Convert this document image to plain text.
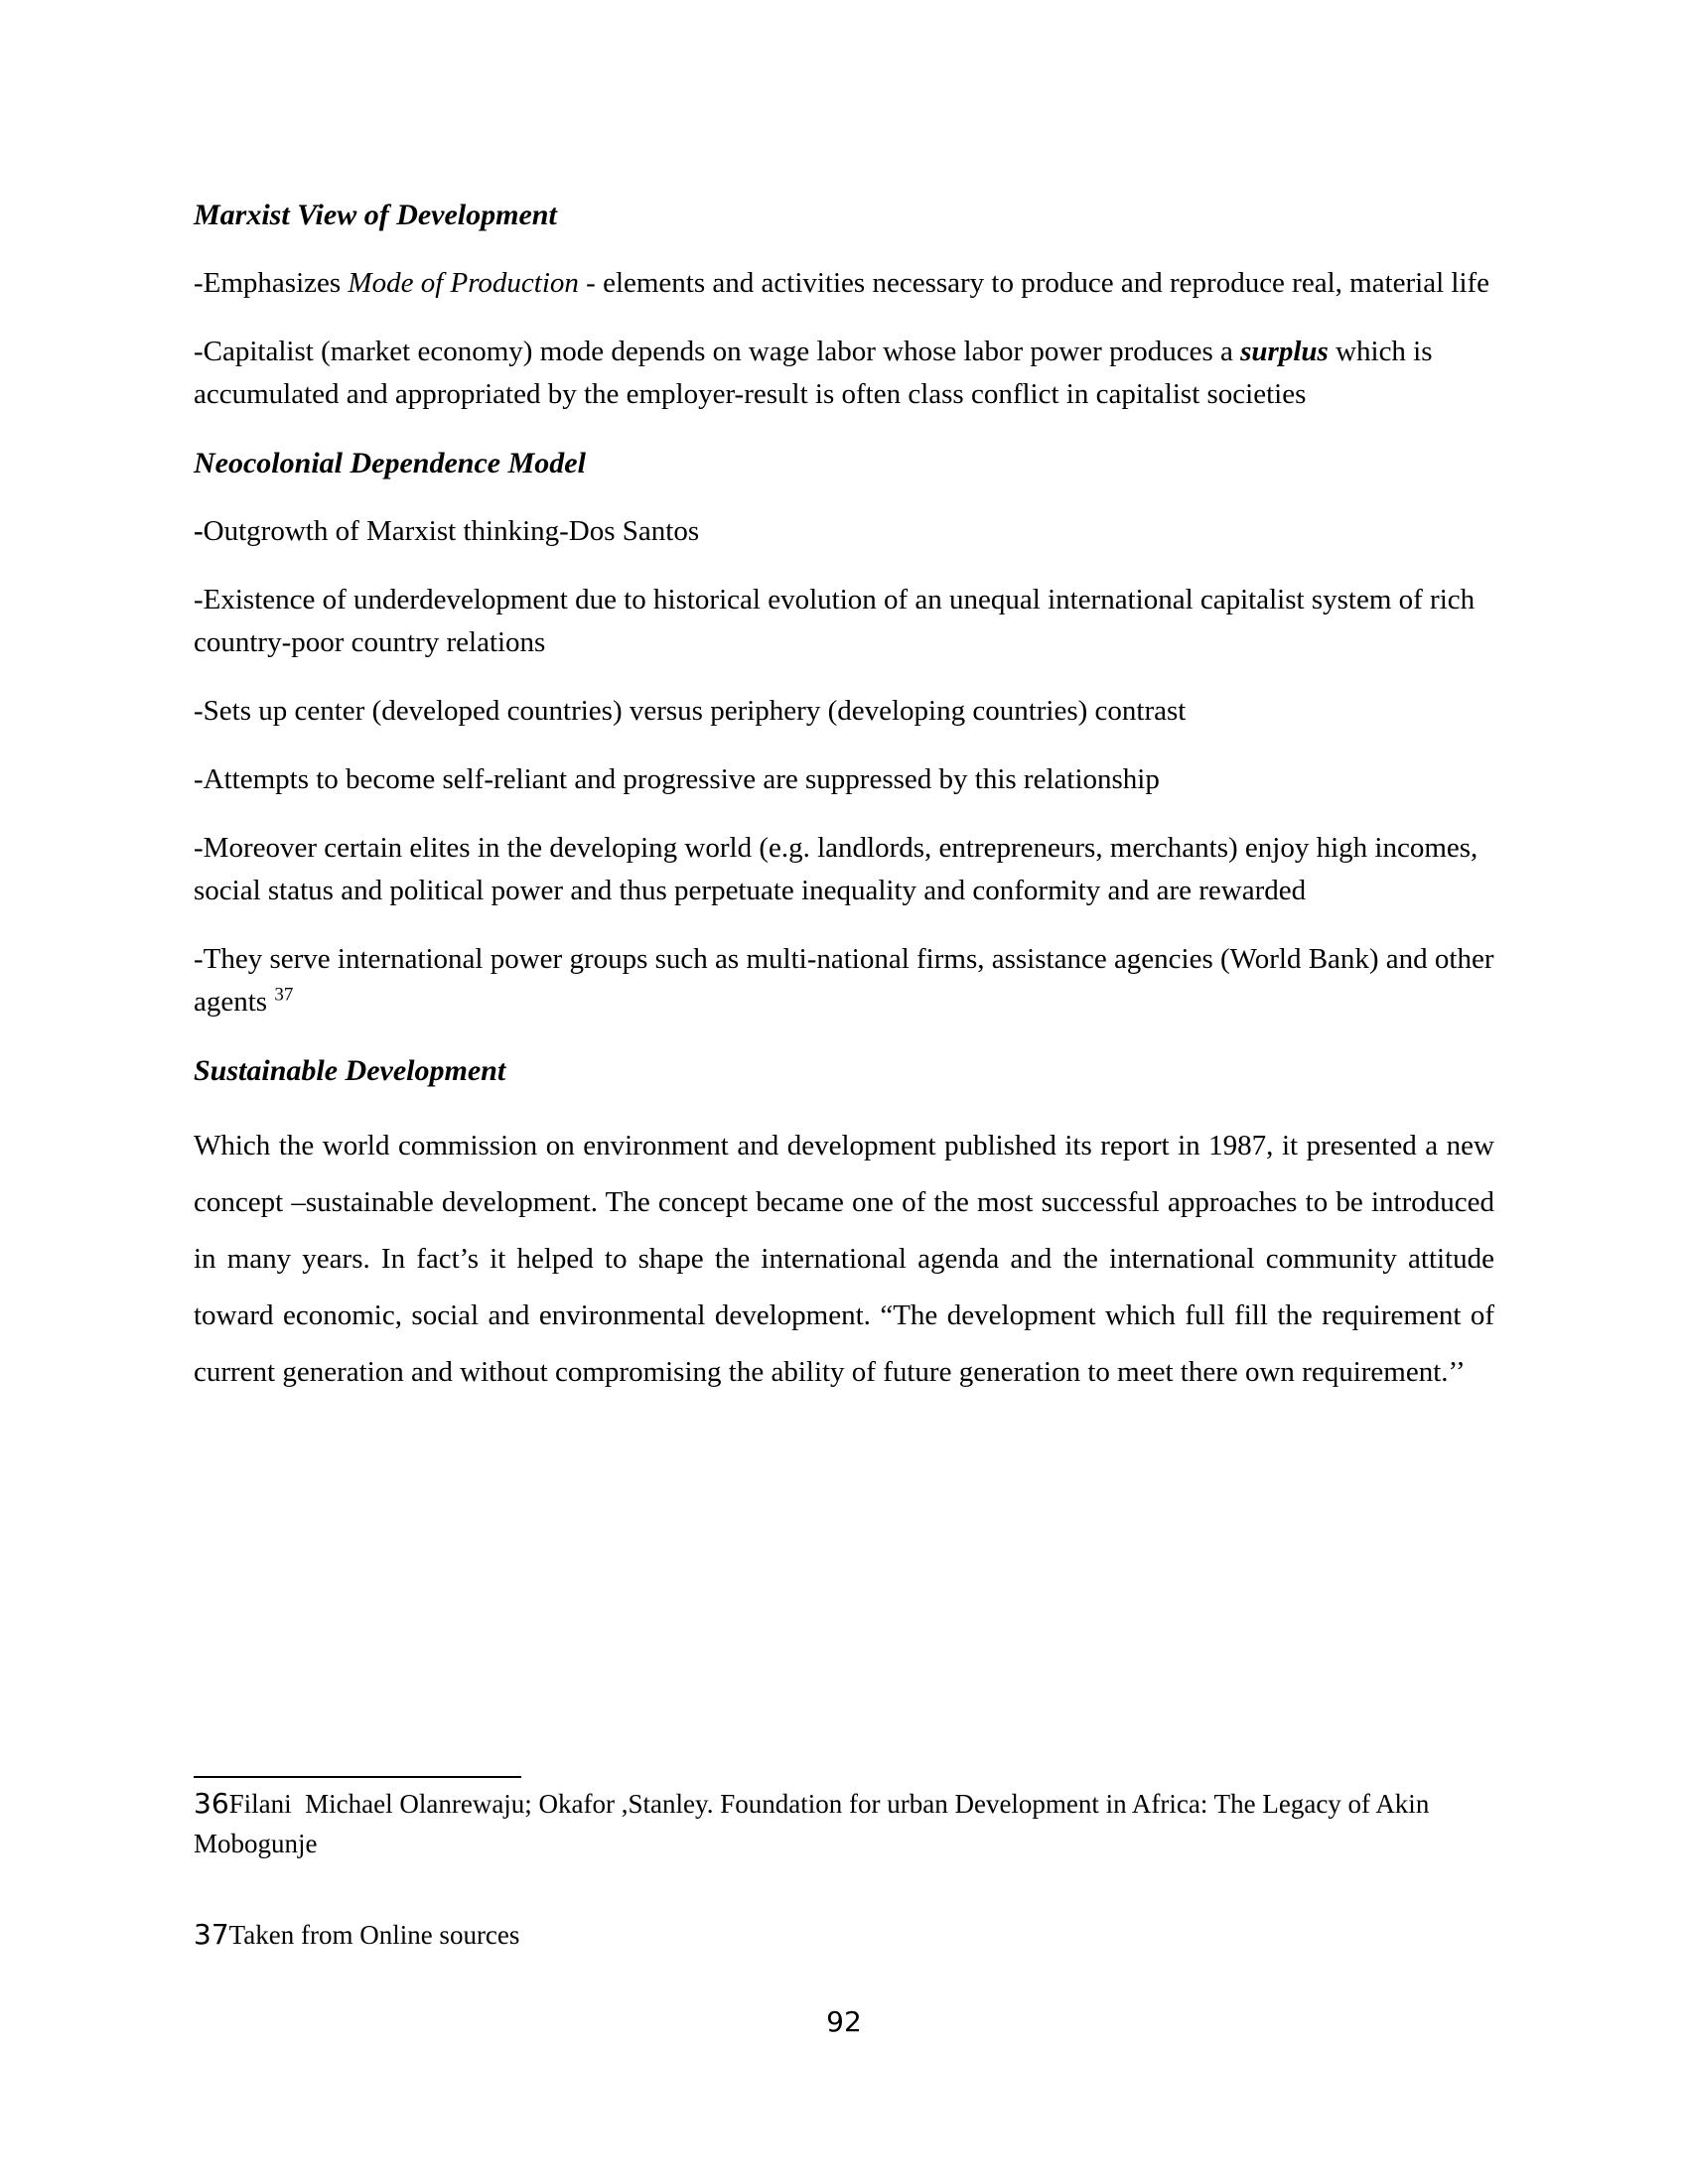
Marxist View of Development

-Emphasizes Mode of Production - elements and activities necessary to produce and reproduce real, material life

-Capitalist (market economy) mode depends on wage labor whose labor power produces a surplus which is accumulated and appropriated by the employer-result is often class conflict in capitalist societies

Neocolonial Dependence Model

-Outgrowth of Marxist thinking-Dos Santos

-Existence of underdevelopment due to historical evolution of an unequal international capitalist system of rich country-poor country relations

-Sets up center (developed countries) versus periphery (developing countries) contrast

-Attempts to become self-reliant and progressive are suppressed by this relationship

-Moreover certain elites in the developing world (e.g. landlords, entrepreneurs, merchants) enjoy high incomes, social status and political power and thus perpetuate inequality and conformity and are rewarded

-They serve international power groups such as multi-national firms, assistance agencies (World Bank) and other agents $^{37}$

Sustainable Development

Which the world commission on environment and development published its report in 1987, it presented a new concept –sustainable development. The concept became one of the most successful approaches to be introduced in many years. In fact’s it helped to shape the international agenda and the international community attitude toward economic, social and environmental development. “The development which full fill the requirement of current generation and without compromising the ability of future generation to meet there own requirement.’’

36Filani  Michael Olanrewaju; Okafor ,Stanley. Foundation for urban Development in Africa: The Legacy of Akin Mobogunje
37Taken from Online sources
92
